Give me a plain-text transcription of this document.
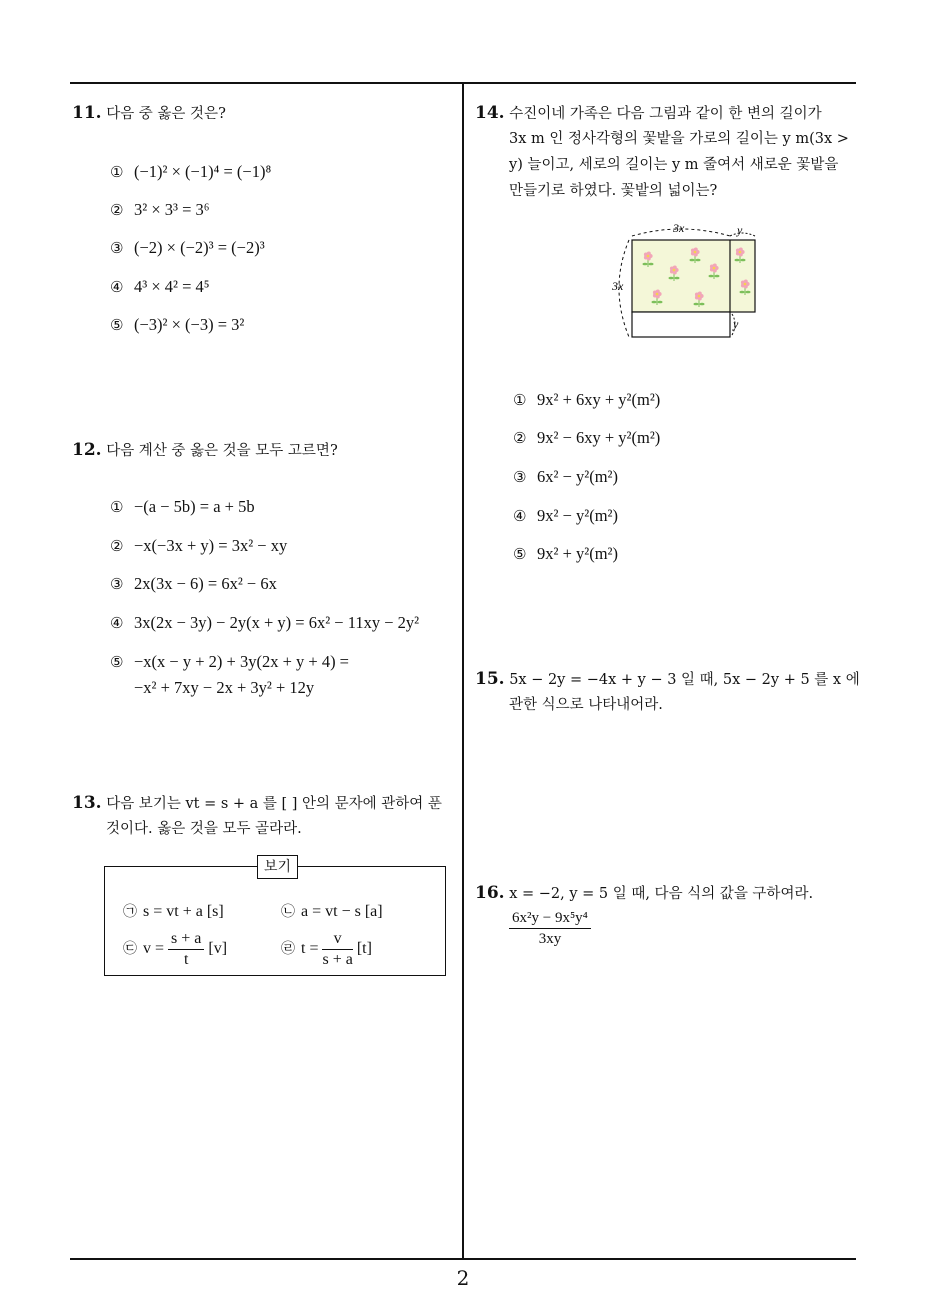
11. 다음 중 옳은 것은?
① (−1)² × (−1)⁴ = (−1)⁸
② 3² × 3³ = 3⁶
③ (−2) × (−2)³ = (−2)³
④ 4³ × 4² = 4⁵
⑤ (−3)² × (−3) = 3²
12. 다음 계산 중 옳은 것을 모두 고르면?
① −(a − 5b) = a + 5b
② −x(−3x + y) = 3x² − xy
③ 2x(3x − 6) = 6x² − 6x
④ 3x(2x − 3y) − 2y(x + y) = 6x² − 11xy − 2y²
⑤ −x(x − y + 2) + 3y(2x + y + 4) =
−x² + 7xy − 2x + 3y² + 12y
13. 다음 보기는 vt = s + a 를 [ ] 안의 문자에 관하여 푼
것이다. 옳은 것을 모두 골라라.
보기
㉠ s = vt + a [s]	㉡ a = vt − s [a]
㉢ $v = \frac{s + a}{t} [v]$	㉣ $t = \frac{v}{s + a} [t]$
14. 수진이네 가족은 다음 그림과 같이 한 변의 길이가
3x m 인 정사각형의 꽃밭을 가로의 길이는 y m(3x >
y) 늘이고, 세로의 길이는 y m 줄여서 새로운 꽃밭을
만들기로 하였다. 꽃밭의 넓이는?
3x	y
3x
y
① 9x² + 6xy + y²(m²)
② 9x² − 6xy + y²(m²)
③ 6x² − y²(m²)
④ 9x² − y²(m²)
⑤ 9x² + y²(m²)
15. 5x − 2y = −4x + y − 3 일 때, 5x − 2y + 5 를 x 에
관한 식으로 나타내어라.
16. x = −2, y = 5 일 때, 다음 식의 값을 구하여라.
$\frac{\text{6x²y − 9x⁵y⁴}}{3xy}$
2
